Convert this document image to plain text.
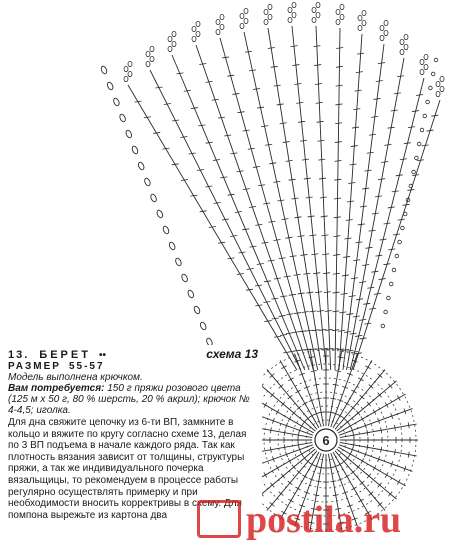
6
13. БЕРЕТ ••	схема 13
РАЗМЕР 55-57
Модель выполнена крючком.
Вам потребуется: 150 г пряжи розового цвета (125 м х 50 г, 80 % шерсть, 20 % акрил); крючок № 4-4,5; иголка.
Для дна свяжите цепочку из 6-ти ВП, замкните в кольцо и вяжите по кругу согласно схеме 13, делая по 3 ВП подъема в начале каждого ряда. Так как плотность вязания зависит от толщины, структуры пряжи, а так же индивидуального почерка вязальщицы, то рекомендуем в процессе работы регулярно осуществлять примерку и при необходимости вносить корректривы в схему. Для помпона вырежьте из картона два	postila.ru
